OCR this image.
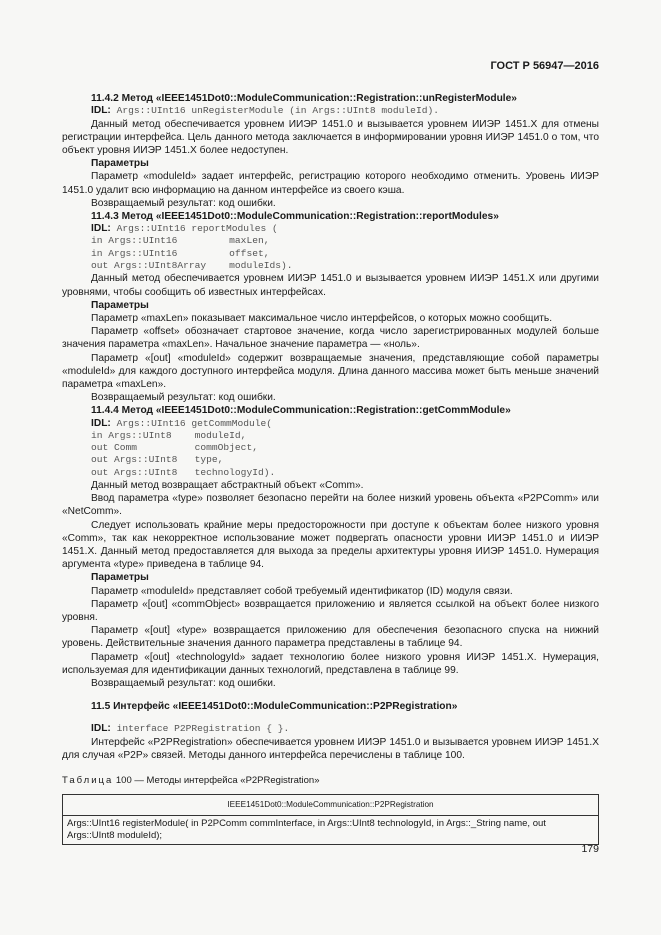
ГОСТ Р 56947—2016

11.4.2 Метод «IEEE1451Dot0::ModuleCommunication::Registration::unRegisterModule»

IDL: Args::UInt16 unRegisterModule (in Args::UInt8 moduleId).

Данный метод обеспечивается уровнем ИИЭР 1451.0 и вызывается уровнем ИИЭР 1451.X для отмены регистрации интерфейса. Цель данного метода заключается в информировании уровня ИИЭР 1451.0 о том, что объект уровня ИИЭР 1451.X более недоступен.

Параметры

Параметр «moduleId» задает интерфейс, регистрацию которого необходимо отменить. Уровень ИИЭР 1451.0 удалит всю информацию на данном интерфейсе из своего кэша.

Возвращаемый результат: код ошибки.

11.4.3 Метод «IEEE1451Dot0::ModuleCommunication::Registration::reportModules»

IDL: Args::UInt16 reportModules (
in Args::UInt16         maxLen,
in Args::UInt16         offset,
out Args::UInt8Array    moduleIds).

Данный метод обеспечивается уровнем ИИЭР 1451.0 и вызывается уровнем ИИЭР 1451.X или другими уровнями, чтобы сообщить об известных интерфейсах.

Параметры

Параметр «maxLen» показывает максимальное число интерфейсов, о которых можно сообщить.

Параметр «offset» обозначает стартовое значение, когда число зарегистрированных модулей больше значения параметра «maxLen». Начальное значение параметра — «ноль».

Параметр «[out] «moduleId» содержит возвращаемые значения, представляющие собой параметры «moduleId» для каждого доступного интерфейса модуля. Длина данного массива может быть меньше значений параметра «maxLen».

Возвращаемый результат: код ошибки.

11.4.4 Метод «IEEE1451Dot0::ModuleCommunication::Registration::getCommModule»

IDL: Args::UInt16 getCommModule(
in Args::UInt8    moduleId,
out Comm          commObject,
out Args::UInt8   type,
out Args::UInt8   technologyId).

Данный метод возвращает абстрактный объект «Comm».

Ввод параметра «type» позволяет безопасно перейти на более низкий уровень объекта «P2PComm» или «NetComm».

Следует использовать крайние меры предосторожности при доступе к объектам более низкого уровня «Comm», так как некорректное использование может подвергать опасности уровни ИИЭР 1451.0 и ИИЭР 1451.X. Данный метод предоставляется для выхода за пределы архитектуры уровня ИИЭР 1451.0. Нумерация аргумента «type» приведена в таблице 94.

Параметры

Параметр «moduleId» представляет собой требуемый идентификатор (ID) модуля связи.

Параметр «[out] «commObject» возвращается приложению и является ссылкой на объект более низкого уровня.

Параметр «[out] «type» возвращается приложению для обеспечения безопасного спуска на нижний уровень. Действительные значения данного параметра представлены в таблице 94.

Параметр «[out] «technologyId» задает технологию более низкого уровня ИИЭР 1451.X. Нумерация, используемая для идентификации данных технологий, представлена в таблице 99.

Возвращаемый результат: код ошибки.

11.5 Интерфейс «IEEE1451Dot0::ModuleCommunication::P2PRegistration»

IDL: interface P2PRegistration { }.

Интерфейс «P2PRegistration» обеспечивается уровнем ИИЭР 1451.0 и вызывается уровнем ИИЭР 1451.X для случая «P2P» связей. Методы данного интерфейса перечислены в таблице 100.

Таблица 100 — Методы интерфейса «P2PRegistration»

IEEE1451Dot0::ModuleCommunication::P2PRegistration
Args::UInt16 registerModule( in P2PComm commInterface, in Args::UInt8 technologyId, in Args::_String name, out Args::UInt8 moduleId);
179
